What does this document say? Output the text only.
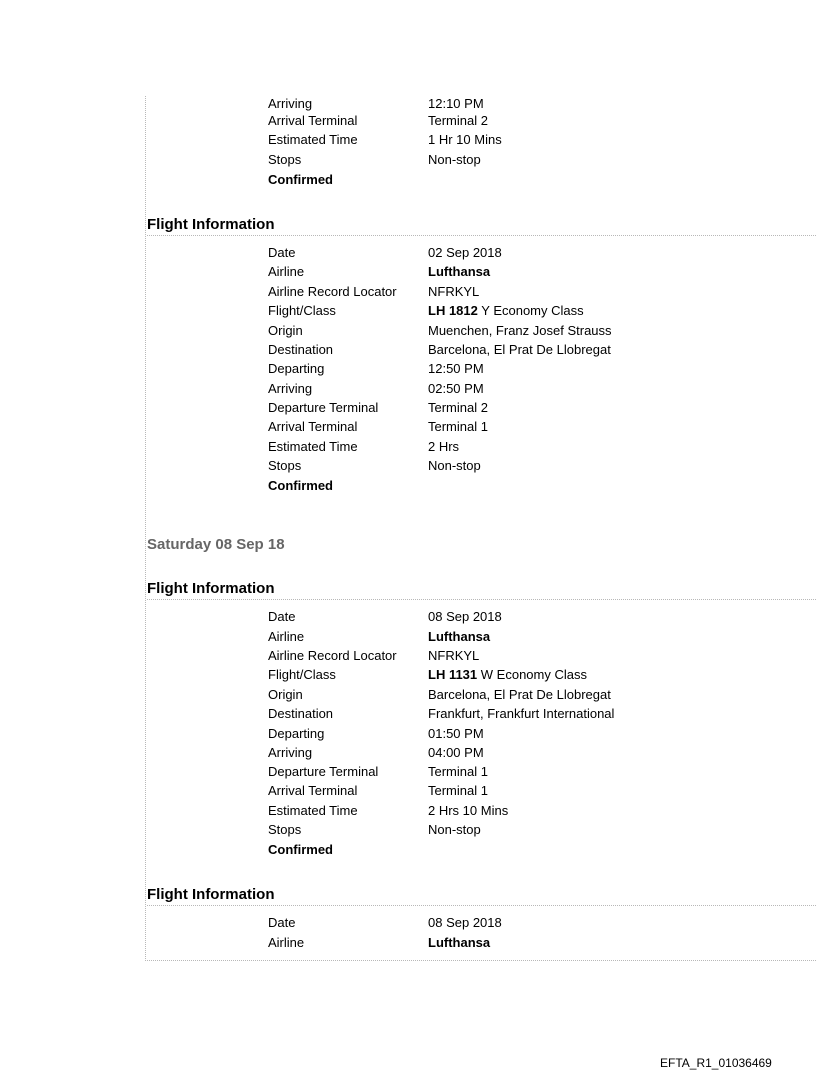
Arriving	12:10 PM
Arrival Terminal	Terminal 2
Estimated Time	1 Hr 10 Mins
Stops	Non-stop
Confirmed
Flight Information
Date	02 Sep 2018
Airline	Lufthansa
Airline Record Locator NFRKYL
Flight/Class	LH 1812 Y Economy Class
Origin	Muenchen, Franz Josef Strauss
Destination	Barcelona, El Prat De Llobregat
Departing	12:50 PM
Arriving	02:50 PM
Departure Terminal	Terminal 2
Arrival Terminal	Terminal 1
Estimated Time	2 Hrs
Stops	Non-stop
Confirmed
Saturday 08 Sep 18
Flight Information
Date	08 Sep 2018
Airline	Lufthansa
Airline Record Locator NFRKYL
Flight/Class	LH 1131 W Economy Class
Origin	Barcelona, El Prat De Llobregat
Destination	Frankfurt, Frankfurt International
Departing	01:50 PM
Arriving	04:00 PM
Departure Terminal	Terminal 1
Arrival Terminal	Terminal 1
Estimated Time	2 Hrs 10 Mins
Stops	Non-stop
Confirmed
Flight Information
Date	08 Sep 2018
Airline	Lufthansa
EFTA_R1_01036469
